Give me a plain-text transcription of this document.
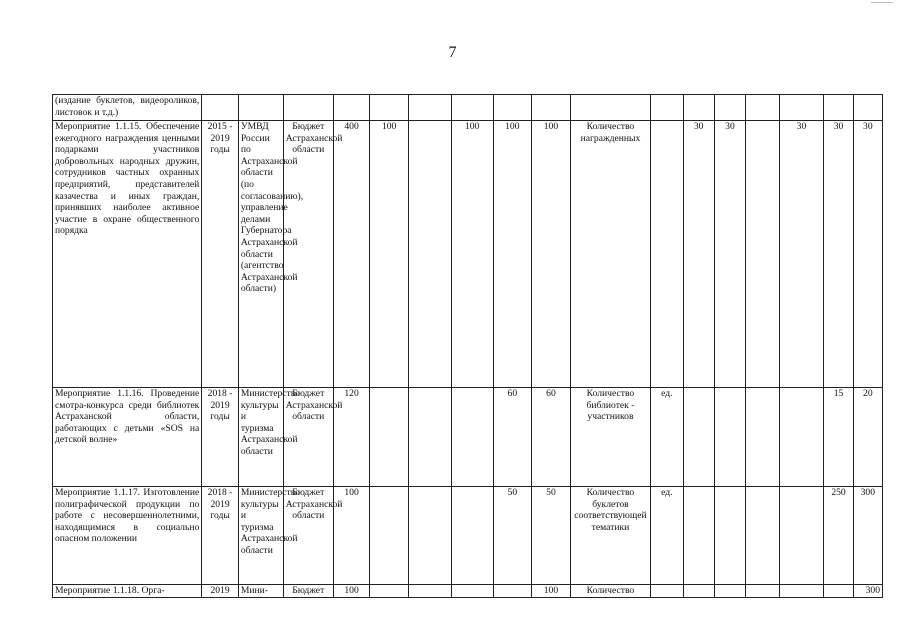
7
(издание буклетов, видеороликов, листовок и т.д.)																	
Мероприятие 1.1.15. Обеспечение ежегодного награждения ценными подарками участников добровольных народных дружин, сотрудников частных охранных предприятий, представителей казачества и иных граждан, принявших наиболее активное участие в охране общественного порядка	2015 - 2019 годы	УМВД России по Астраханской области (по согласованию), управление делами Губернатора Астраханской области (агентство Астраханской области)	Бюджет Астраханской области	400	100		100	100	100	Количество награжденных		30	30		30	30	30
Мероприятие 1.1.16. Проведение смотра-конкурса среди библиотек Астраханской области, работающих с детьми «SOS на детской волне»	2018 - 2019 годы	Министерство культуры и туризма Астраханской области	Бюджет Астраханской области	120				60	60	Количество библиотек - участников	ед.					15	20
Мероприятие 1.1.17. Изготовление полиграфической продукции по работе с несовершеннолетними, находящимися в социально опасном положении	2018 - 2019 годы	Министерство культуры и туризма Астраханской области	Бюджет Астраханской области	100				50	50	Количество буклетов соответствующей тематики	ед.					250	300
Мероприятие 1.1.18. Орга-	2019	Мини-	Бюджет	100					100	Количество							300
